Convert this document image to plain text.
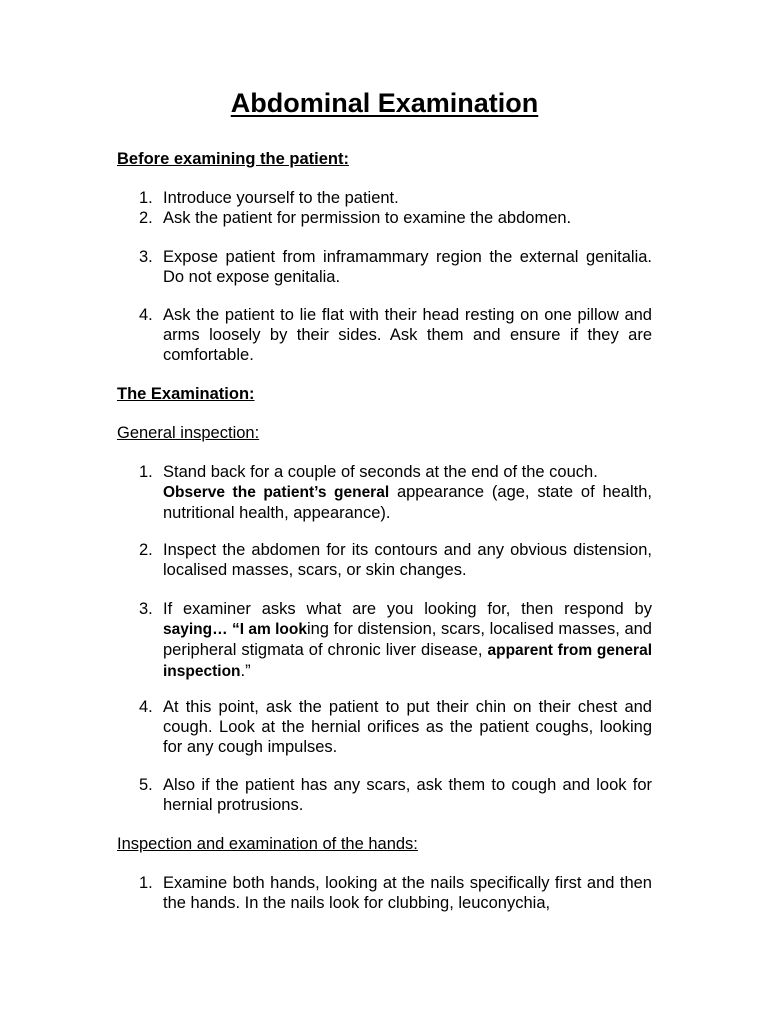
Abdominal Examination

Before examining the patient:

1. Introduce yourself to the patient.

2. Ask the patient for permission to examine the abdomen.

3. Expose patient from inframammary region the external genitalia. Do not expose genitalia.

4. Ask the patient to lie flat with their head resting on one pillow and arms loosely by their sides. Ask them and ensure if they are comfortable.

The Examination:

General inspection:

1. Stand back for a couple of seconds at the end of the couch.

Observe the patient’s general appearance (age, state of health, nutritional health, appearance).

2. Inspect the abdomen for its contours and any obvious distension, localised masses, scars, or skin changes.

3. If examiner asks what are you looking for, then respond by saying… “I am looking for distension, scars, localised masses, and peripheral stigmata of chronic liver disease, apparent from general inspection.”

4. At this point, ask the patient to put their chin on their chest and cough. Look at the hernial orifices as the patient coughs, looking for any cough impulses.

5. Also if the patient has any scars, ask them to cough and look for hernial protrusions.

Inspection and examination of the hands:

1. Examine both hands, looking at the nails specifically first and then the hands. In the nails look for clubbing, leuconychia,
